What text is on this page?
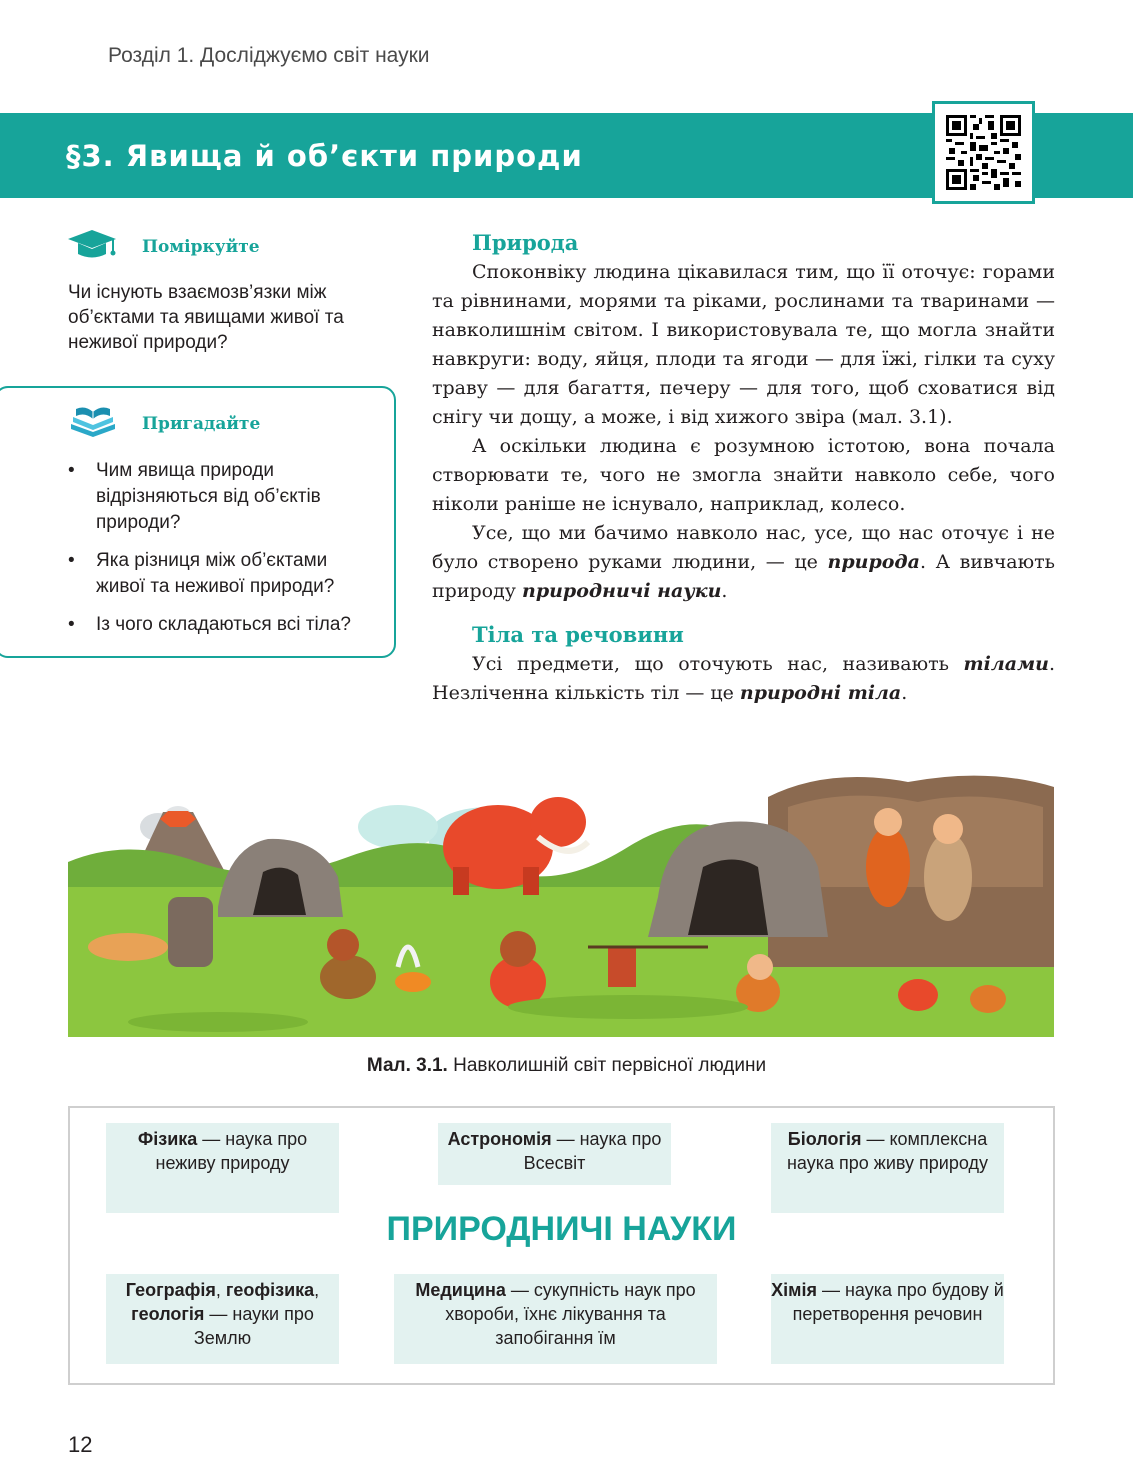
Розділ 1. Досліджуємо світ науки
§3. Явища й об’єкти природи
Поміркуйте
Чи існують взаємозв’язки між об’єктами та явищами живої та неживої природи?
Пригадайте
• Чим явища природи відрізняються від об’єктів природи?
• Яка різниця між об’єктами живої та неживої природи?
• Із чого складаються всі тіла?
Природа

Споконвіку людина цікавилася тим, що її оточує: горами та рівнинами, морями та ріками, рослинами та тваринами — навколишнім світом. І використовувала те, що могла знайти навкруги: воду, яйця, плоди та ягоди — для їжі, гілки та суху траву — для багаття, печеру — для того, щоб сховатися від снігу чи дощу, а може, і від хижого звіра (мал. 3.1).

А оскільки людина є розумною істотою, вона почала створювати те, чого не змогла знайти навколо себе, чого ніколи раніше не існувало, наприклад, колесо.

Усе, що ми бачимо навколо нас, усе, що нас оточує і не було створено руками людини, — це природа. А вивчають природу природничі науки.

Тіла та речовини

Усі предмети, що оточують нас, називають тілами. Незліченна кількість тіл — це природні тіла.

Мал. 3.1. Навколишній світ первісної людини
Фізика — наука про неживу природу
Астрономія — наука про Всесвіт
Біологія — комплексна наука про живу природу
ПРИРОДНИЧІ НАУКИ
Географія, геофізика, геологія — науки про Землю
Медицина — сукупність наук про хвороби, їхнє лікування та запобігання їм
Хімія — наука про будову й перетворення речовин
12
